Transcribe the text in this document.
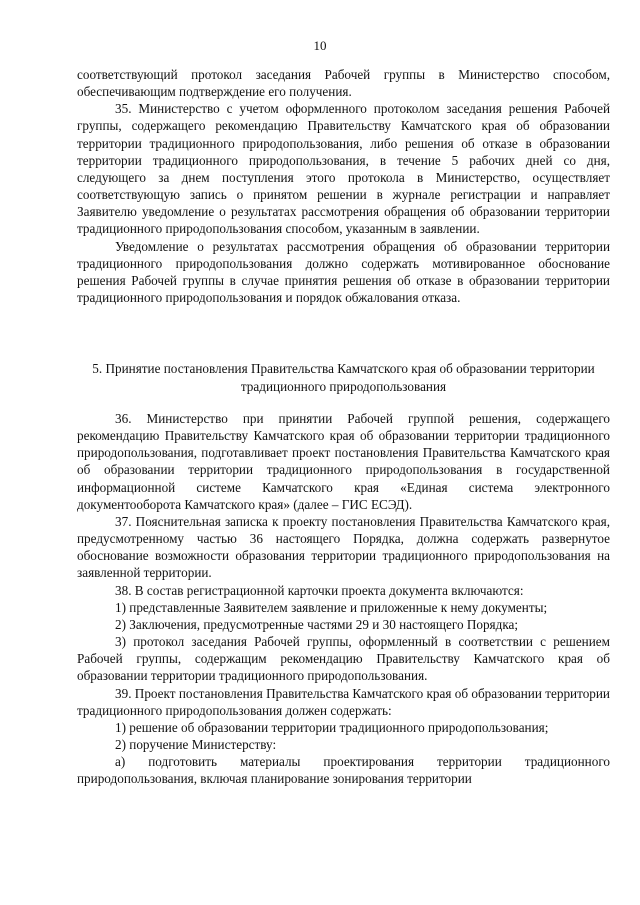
10

соответствующий протокол заседания Рабочей группы в Министерство способом, обеспечивающим подтверждение его получения.

35. Министерство с учетом оформленного протоколом заседания решения Рабочей группы, содержащего рекомендацию Правительству Камчатского края об образовании территории традиционного природопользования, либо решения об отказе в образовании территории традиционного природопользования, в течение 5 рабочих дней со дня, следующего за днем поступления этого протокола в Министерство, осуществляет соответствующую запись о принятом решении в журнале регистрации и направляет Заявителю уведомление о результатах рассмотрения обращения об образовании территории традиционного природопользования способом, указанным в заявлении.

Уведомление о результатах рассмотрения обращения об образовании территории традиционного природопользования должно содержать мотивированное обоснование решения Рабочей группы в случае принятия решения об отказе в образовании территории традиционного природопользования и порядок обжалования отказа.

5. Принятие постановления Правительства Камчатского края об образовании территории традиционного природопользования

36. Министерство при принятии Рабочей группой решения, содержащего рекомендацию Правительству Камчатского края об образовании территории традиционного природопользования, подготавливает проект постановления Правительства Камчатского края об образовании территории традиционного природопользования в государственной информационной системе Камчатского края «Единая система электронного документооборота Камчатского края» (далее – ГИС ЕСЭД).

37. Пояснительная записка к проекту постановления Правительства Камчатского края, предусмотренному частью 36 настоящего Порядка, должна содержать развернутое обоснование возможности образования территории традиционного природопользования на заявленной территории.

38. В состав регистрационной карточки проекта документа включаются:

1) представленные Заявителем заявление и приложенные к нему документы;

2) Заключения, предусмотренные частями 29 и 30 настоящего Порядка;

3) протокол заседания Рабочей группы, оформленный в соответствии с решением Рабочей группы, содержащим рекомендацию Правительству Камчатского края об образовании территории традиционного природопользования.

39. Проект постановления Правительства Камчатского края об образовании территории традиционного природопользования должен содержать:

1) решение об образовании территории традиционного природопользования;

2) поручение Министерству:

а) подготовить материалы проектирования территории традиционного природопользования, включая планирование зонирования территории
